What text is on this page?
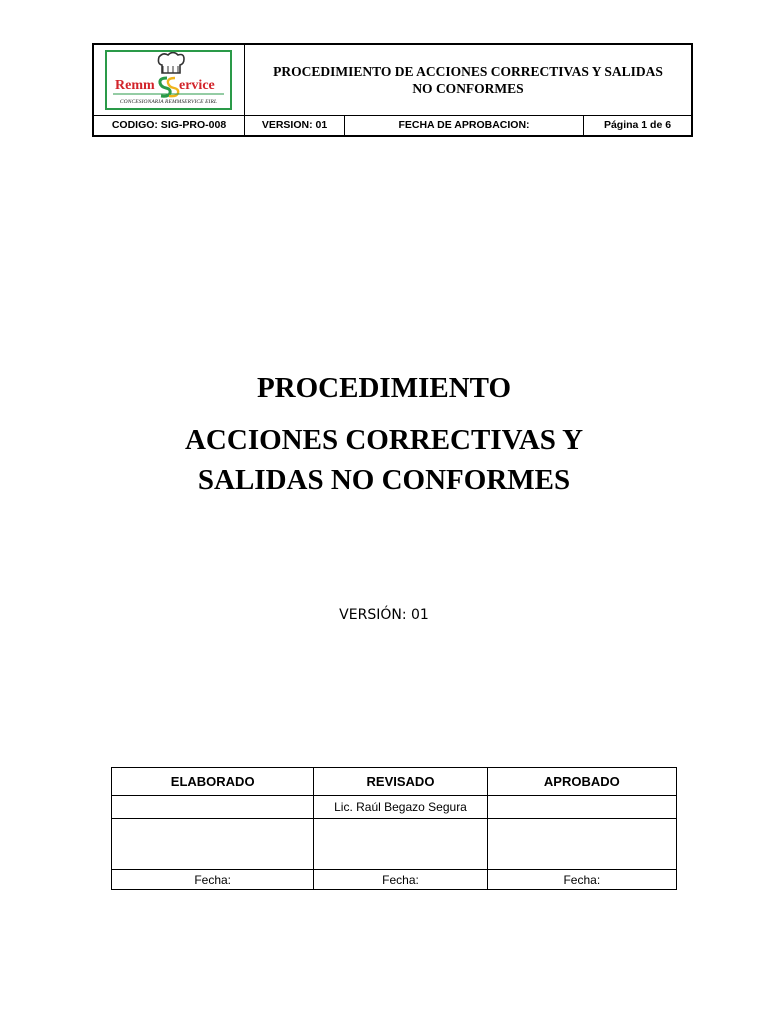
Remm ervice
CONCESIONARIA REMMSERVICE EIRL
PROCEDIMIENTO DE ACCIONES CORRECTIVAS Y SALIDAS NO CONFORMES
CODIGO: SIG-PRO-008	VERSION: 01	FECHA DE APROBACION:	Página 1 de 6
PROCEDIMIENTO
ACCIONES CORRECTIVAS Y
SALIDAS NO CONFORMES
VERSIÓN: 01
ELABORADO	REVISADO	APROBADO
	Lic. Raúl Begazo Segura	

Fecha:	Fecha:	Fecha:
